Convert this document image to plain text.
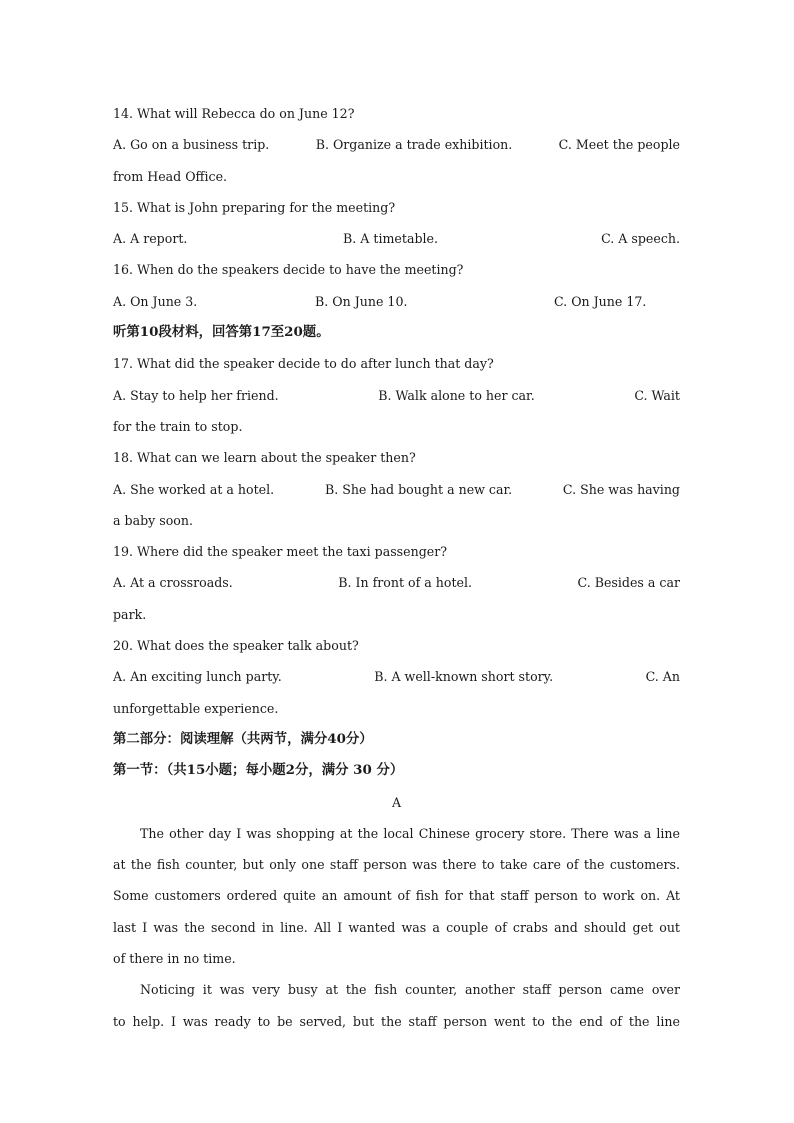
14. What will Rebecca do on June 12?
A. Go on a business trip.	B. Organize a trade exhibition.	C. Meet the people
from Head Office.
15. What is John preparing for the meeting?
A. A report.	B. A timetable.	C. A speech.
16. When do the speakers decide to have the meeting?
A. On June 3.	B. On June 10.	C. On June 17.
听第10段材料，回答第17至20题。
17. What did the speaker decide to do after lunch that day?
A. Stay to help her friend.	B. Walk alone to her car.	C. Wait
for the train to stop.
18. What can we learn about the speaker then?
A. She worked at a hotel.	B. She had bought a new car.	C. She was having
a baby soon.
19. Where did the speaker meet the taxi passenger?
A. At a crossroads.	B. In front of a hotel.	C. Besides a car
park.
20. What does the speaker talk about?
A. An exciting lunch party.	B. A well-known short story.	C. An
unforgettable experience.
第二部分：阅读理解（共两节，满分40分）
第一节：（共15小题；每小题2分，满分 30 分）
A
The other day I was shopping at the local Chinese grocery store. There was a line
at the fish counter, but only one staff person was there to take care of the customers.
Some customers ordered quite an amount of fish for that staff person to work on. At
last I was the second in line. All I wanted was a couple of crabs and should get out
of there in no time.
Noticing it was very busy at the fish counter, another staff person came over
to help. I was ready to be served, but the staff person went to the end of the line
